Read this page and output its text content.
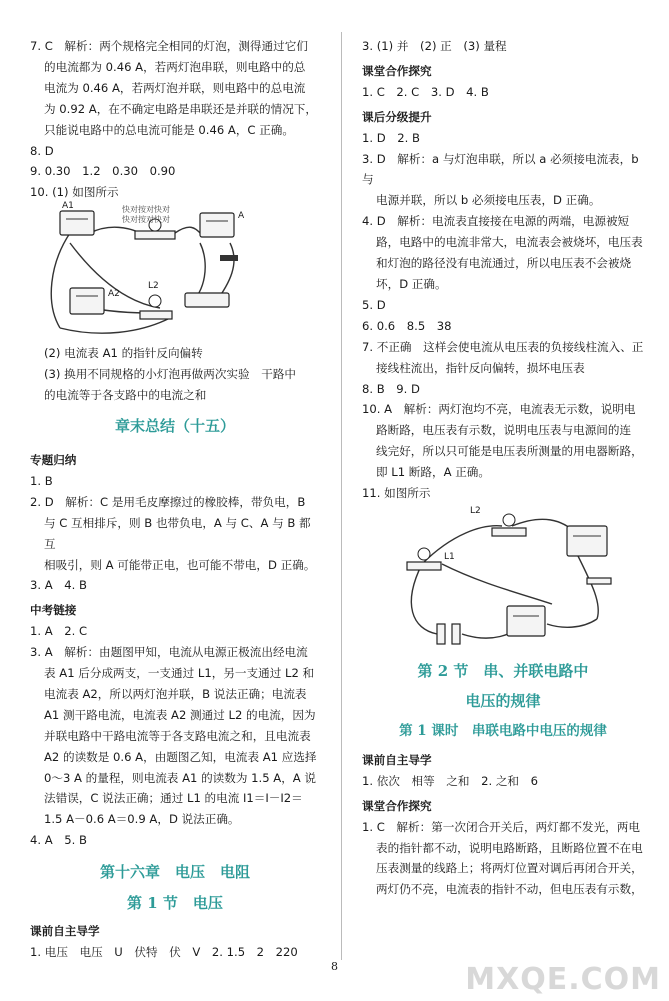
7. C　解析：两个规格完全相同的灯泡，测得通过它们

的电流都为 0.46 A，若两灯泡串联，则电路中的总

电流为 0.46 A，若两灯泡并联，则电路中的总电流

为 0.92 A，在不确定电路是串联还是并联的情况下，

只能说电路中的总电流可能是 0.46 A，C 正确。

8. D

9. 0.30　1.2　0.30　0.90

10. (1) 如图所示

快对按对快对
快对按对快对
A1
A
A2
L2

(2) 电流表 A1 的指针反向偏转

(3) 换用不同规格的小灯泡再做两次实验　干路中

的电流等于各支路中的电流之和

章末总结（十五）

专题归纳

1. B

2. D　解析：C 是用毛皮摩擦过的橡胶棒，带负电，B

与 C 互相排斥，则 B 也带负电，A 与 C、A 与 B 都互

相吸引，则 A 可能带正电，也可能不带电，D 正确。

3. A　4. B

中考链接

1. A　2. C

3. A　解析：由题图甲知，电流从电源正极流出经电流

表 A1 后分成两支，一支通过 L1，另一支通过 L2 和

电流表 A2，所以两灯泡并联，B 说法正确；电流表

A1 测干路电流，电流表 A2 测通过 L2 的电流，因为

并联电路中干路电流等于各支路电流之和，且电流表

A2 的读数是 0.6 A，由题图乙知，电流表 A1 应选择

0～3 A 的量程，则电流表 A1 的读数为 1.5 A，A 说

法错误，C 说法正确；通过 L1 的电流 I1＝I－I2＝

1.5 A－0.6 A＝0.9 A，D 说法正确。

4. A　5. B

第十六章　电压　电阻
第 1 节　电压

课前自主导学

1. 电压　电压　U　伏特　伏　V　2. 1.5　2　220

3. (1) 并　(2) 正　(3) 量程

课堂合作探究

1. C　2. C　3. D　4. B

课后分级提升

1. D　2. B

3. D　解析：a 与灯泡串联，所以 a 必须接电流表，b 与

电源并联，所以 b 必须接电压表，D 正确。

4. D　解析：电流表直接接在电源的两端，电源被短

路，电路中的电流非常大，电流表会被烧坏，电压表

和灯泡的路径没有电流通过，所以电压表不会被烧

坏，D 正确。

5. D

6. 0.6　8.5　38

7. 不正确　这样会使电流从电压表的负接线柱流入、正

接线柱流出，指针反向偏转，损坏电压表

8. B　9. D

10. A　解析：两灯泡均不亮，电流表无示数，说明电

路断路，电压表有示数，说明电压表与电源间的连

线完好，所以只可能是电压表所测量的用电器断路，

即 L1 断路，A 正确。

11. 如图所示

L2
L1
第 2 节　串、并联电路中
电压的规律
第 1 课时　串联电路中电压的规律

课前自主导学

1. 依次　相等　之和　2. 之和　6

课堂合作探究

1. C　解析：第一次闭合开关后，两灯都不发光，两电

表的指针都不动，说明电路断路，且断路位置不在电

压表测量的线路上；将两灯位置对调后再闭合开关，

两灯仍不亮，电流表的指针不动，但电压表有示数，

8	MXQE.COM
